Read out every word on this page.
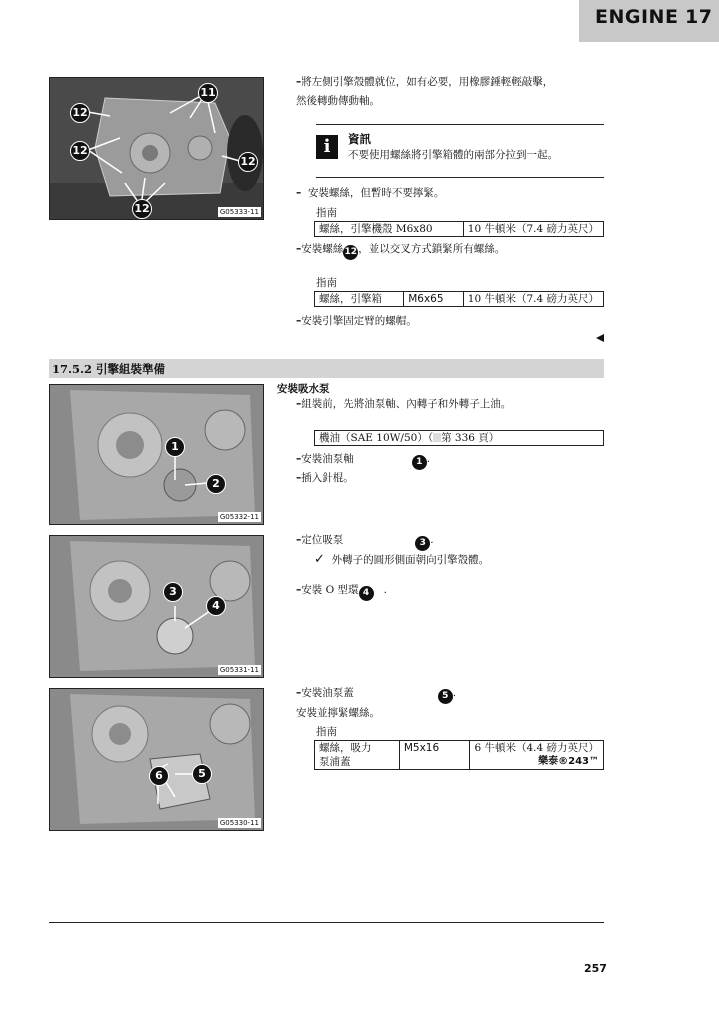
ENGINE 17
11
12
12
12
12	G05333-11
–將左側引擎殼體就位，如有必要，用橡膠錘輕輕敲擊，
然後轉動傳動軸。
i	資訊
不要使用螺絲將引擎箱體的兩部分拉到一起。
– 安裝螺絲，但暫時不要擰緊。
指南
螺絲，引擎機殼 M6x80	10 牛頓米（7.4 磅力英尺）
–安裝螺絲12，並以交叉方式鎖緊所有螺絲。
指南
螺絲，引擎箱	M6x65	10 牛頓米（7.4 磅力英尺）
–安裝引擎固定臂的螺帽。
17.5.2 引擎組裝準備
1
2
G05332-11
安裝吸水泵
–組裝前，先將油泵軸、內轉子和外轉子上油。
機油（SAE 10W/50）（ 第 336 頁）
–安裝油泵軸	1 .
–插入針棍。
3
4
G05331-11
–定位吸泵	3 .
✓ 外轉子的圓形側面朝向引擎殼體。
–安裝 O 型環 4 .
6	5
G05330-11
–安裝油泵蓋	5 .
安裝並擰緊螺絲。
指南
螺絲，吸力
泵浦蓋
	M5x16	6 牛頓米（4.4 磅力英尺）
樂泰®243™
257
